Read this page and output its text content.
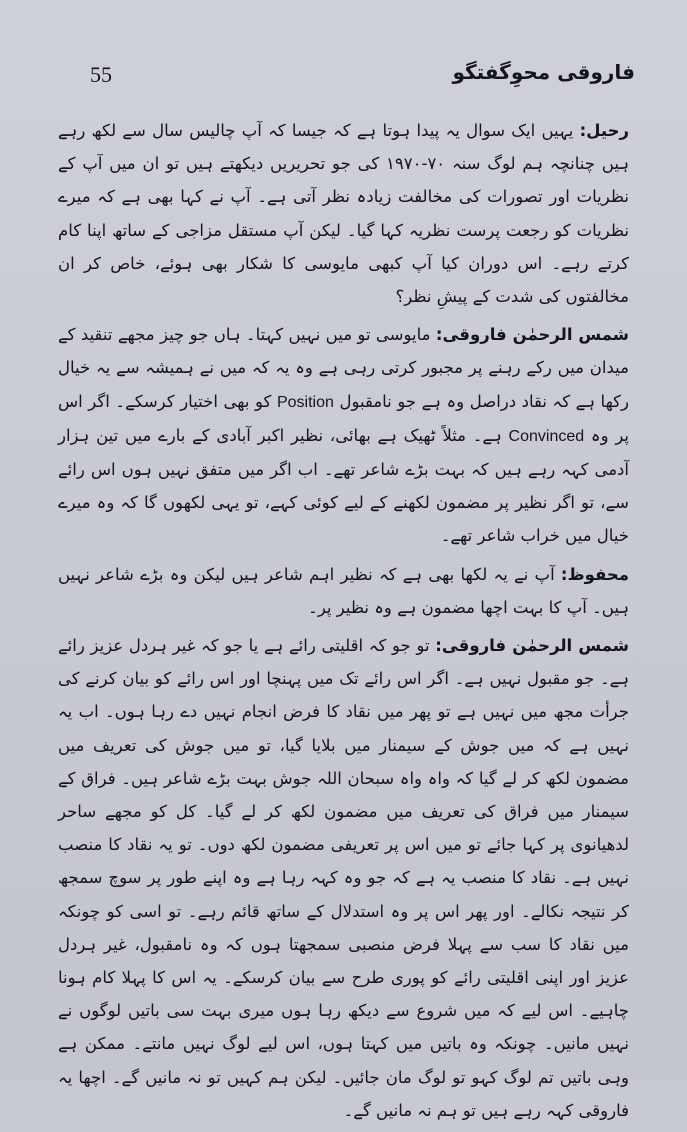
55	فاروقی محوِگفتگو

رحیل: یہیں ایک سوال یہ پیدا ہوتا ہے کہ جیسا کہ آپ چالیس سال سے لکھ رہے ہیں چنانچہ ہم لوگ سنہ ۷۰-۱۹۷۰ کی جو تحریریں دیکھتے ہیں تو ان میں آپ کے نظریات اور تصورات کی مخالفت زیادہ نظر آتی ہے۔ آپ نے کہا بھی ہے کہ میرے نظریات کو رجعت پرست نظریہ کہا گیا۔ لیکن آپ مستقل مزاجی کے ساتھ اپنا کام کرتے رہے۔ اس دوران کیا آپ کبھی مایوسی کا شکار بھی ہوئے، خاص کر ان مخالفتوں کی شدت کے پیشِ نظر؟

شمس الرحمٰن فاروقی: مایوسی تو میں نہیں کہتا۔ ہاں جو چیز مجھے تنقید کے میدان میں رکے رہنے پر مجبور کرتی رہی ہے وہ یہ کہ میں نے ہمیشہ سے یہ خیال رکھا ہے کہ نقاد دراصل وہ ہے جو نامقبول Position کو بھی اختیار کرسکے۔ اگر اس پر وہ Convinced ہے۔ مثلاً ٹھیک ہے بھائی، نظیر اکبر آبادی کے بارے میں تین ہزار آدمی کہہ رہے ہیں کہ بہت بڑے شاعر تھے۔ اب اگر میں متفق نہیں ہوں اس رائے سے، تو اگر نظیر پر مضمون لکھنے کے لیے کوئی کہے، تو یہی لکھوں گا کہ وہ میرے خیال میں خراب شاعر تھے۔

محفوظ: آپ نے یہ لکھا بھی ہے کہ نظیر اہم شاعر ہیں لیکن وہ بڑے شاعر نہیں ہیں۔ آپ کا بہت اچھا مضمون ہے وہ نظیر پر۔

شمس الرحمٰن فاروقی: تو جو کہ اقلیتی رائے ہے یا جو کہ غیر ہردل عزیز رائے ہے۔ جو مقبول نہیں ہے۔ اگر اس رائے تک میں پہنچا اور اس رائے کو بیان کرنے کی جرأت مجھ میں نہیں ہے تو پھر میں نقاد کا فرض انجام نہیں دے رہا ہوں۔ اب یہ نہیں ہے کہ میں جوش کے سیمنار میں بلایا گیا، تو میں جوش کی تعریف میں مضمون لکھ کر لے گیا کہ واہ واہ سبحان اللہ جوش بہت بڑے شاعر ہیں۔ فراق کے سیمنار میں فراق کی تعریف میں مضمون لکھ کر لے گیا۔ کل کو مجھے ساحر لدھیانوی پر کہا جائے تو میں اس پر تعریفی مضمون لکھ دوں۔ تو یہ نقاد کا منصب نہیں ہے۔ نقاد کا منصب یہ ہے کہ جو وہ کہہ رہا ہے وہ اپنے طور پر سوچ سمجھ کر نتیجہ نکالے۔ اور پھر اس پر وہ استدلال کے ساتھ قائم رہے۔ تو اسی کو چونکہ میں نقاد کا سب سے پہلا فرض منصبی سمجھتا ہوں کہ وہ نامقبول، غیر ہردل عزیز اور اپنی اقلیتی رائے کو پوری طرح سے بیان کرسکے۔ یہ اس کا پہلا کام ہونا چاہیے۔ اس لیے کہ میں شروع سے دیکھ رہا ہوں میری بہت سی باتیں لوگوں نے نہیں مانیں۔ چونکہ وہ باتیں میں کہتا ہوں، اس لیے لوگ نہیں مانتے۔ ممکن ہے وہی باتیں تم لوگ کہو تو لوگ مان جائیں۔ لیکن ہم کہیں تو نہ مانیں گے۔ اچھا یہ فاروقی کہہ رہے ہیں تو ہم نہ مانیں گے۔
